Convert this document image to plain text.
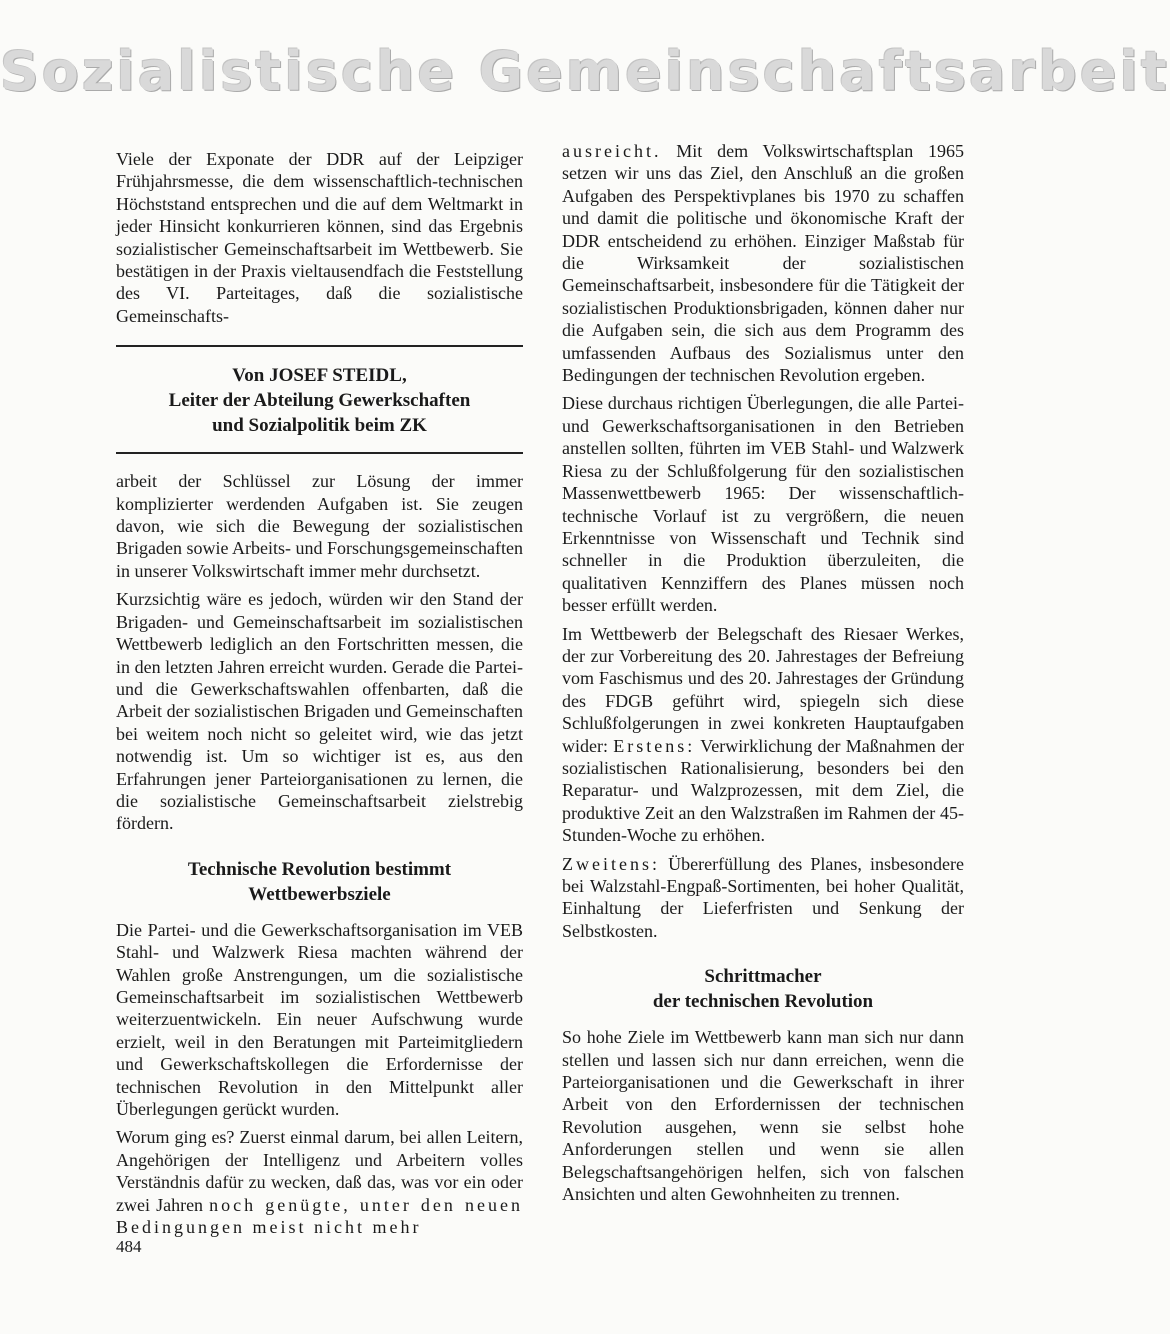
Sozialistische Gemeinschaftsarbeit

Viele der Exponate der DDR auf der Leipziger Frühjahrsmesse, die dem wissenschaftlich-technischen Höchststand entsprechen und die auf dem Weltmarkt in jeder Hinsicht konkurrieren können, sind das Ergebnis sozialistischer Gemeinschaftsarbeit im Wettbewerb. Sie bestätigen in der Praxis vieltausendfach die Feststellung des VI. Parteitages, daß die sozialistische Gemeinschafts-

Von JOSEF STEIDL,
Leiter der Abteilung Gewerkschaften
und Sozialpolitik beim ZK

arbeit der Schlüssel zur Lösung der immer komplizierter werdenden Aufgaben ist. Sie zeugen davon, wie sich die Bewegung der sozialistischen Brigaden sowie Arbeits- und Forschungsgemeinschaften in unserer Volkswirtschaft immer mehr durchsetzt.

Kurzsichtig wäre es jedoch, würden wir den Stand der Brigaden- und Gemeinschaftsarbeit im sozialistischen Wettbewerb lediglich an den Fortschritten messen, die in den letzten Jahren erreicht wurden. Gerade die Partei- und die Gewerkschaftswahlen offenbarten, daß die Arbeit der sozialistischen Brigaden und Gemeinschaften bei weitem noch nicht so geleitet wird, wie das jetzt notwendig ist. Um so wichtiger ist es, aus den Erfahrungen jener Parteiorganisationen zu lernen, die die sozialistische Gemeinschaftsarbeit zielstrebig fördern.

Technische Revolution bestimmt
Wettbewerbsziele

Die Partei- und die Gewerkschaftsorganisation im VEB Stahl- und Walzwerk Riesa machten während der Wahlen große Anstrengungen, um die sozialistische Gemeinschaftsarbeit im sozialistischen Wettbewerb weiterzuentwickeln. Ein neuer Aufschwung wurde erzielt, weil in den Beratungen mit Parteimitgliedern und Gewerkschaftskollegen die Erfordernisse der technischen Revolution in den Mittelpunkt aller Überlegungen gerückt wurden.

Worum ging es? Zuerst einmal darum, bei allen Leitern, Angehörigen der Intelligenz und Arbeitern volles Verständnis dafür zu wecken, daß das, was vor ein oder zwei Jahren noch genügte, unter den neuen Bedingungen meist nicht mehr

ausreicht. Mit dem Volkswirtschaftsplan 1965 setzen wir uns das Ziel, den Anschluß an die großen Aufgaben des Perspektivplanes bis 1970 zu schaffen und damit die politische und ökonomische Kraft der DDR entscheidend zu erhöhen. Einziger Maßstab für die Wirksamkeit der sozialistischen Gemeinschaftsarbeit, insbesondere für die Tätigkeit der sozialistischen Produktionsbrigaden, können daher nur die Aufgaben sein, die sich aus dem Programm des umfassenden Aufbaus des Sozialismus unter den Bedingungen der technischen Revolution ergeben.

Diese durchaus richtigen Überlegungen, die alle Partei- und Gewerkschaftsorganisationen in den Betrieben anstellen sollten, führten im VEB Stahl- und Walzwerk Riesa zu der Schlußfolgerung für den sozialistischen Massenwettbewerb 1965: Der wissenschaftlich-technische Vorlauf ist zu vergrößern, die neuen Erkenntnisse von Wissenschaft und Technik sind schneller in die Produktion überzuleiten, die qualitativen Kennziffern des Planes müssen noch besser erfüllt werden.

Im Wettbewerb der Belegschaft des Riesaer Werkes, der zur Vorbereitung des 20. Jahrestages der Befreiung vom Faschismus und des 20. Jahrestages der Gründung des FDGB geführt wird, spiegeln sich diese Schlußfolgerungen in zwei konkreten Hauptaufgaben wider: Erstens: Verwirklichung der Maßnahmen der sozialistischen Rationalisierung, besonders bei den Reparatur- und Walzprozessen, mit dem Ziel, die produktive Zeit an den Walzstraßen im Rahmen der 45-Stunden-Woche zu erhöhen.

Zweitens: Übererfüllung des Planes, insbesondere bei Walzstahl-Engpaß-Sortimenten, bei hoher Qualität, Einhaltung der Lieferfristen und Senkung der Selbstkosten.

Schrittmacher
der technischen Revolution

So hohe Ziele im Wettbewerb kann man sich nur dann stellen und lassen sich nur dann erreichen, wenn die Parteiorganisationen und die Gewerkschaft in ihrer Arbeit von den Erfordernissen der technischen Revolution ausgehen, wenn sie selbst hohe Anforderungen stellen und wenn sie allen Belegschaftsangehörigen helfen, sich von falschen Ansichten und alten Gewohnheiten zu trennen.

484
